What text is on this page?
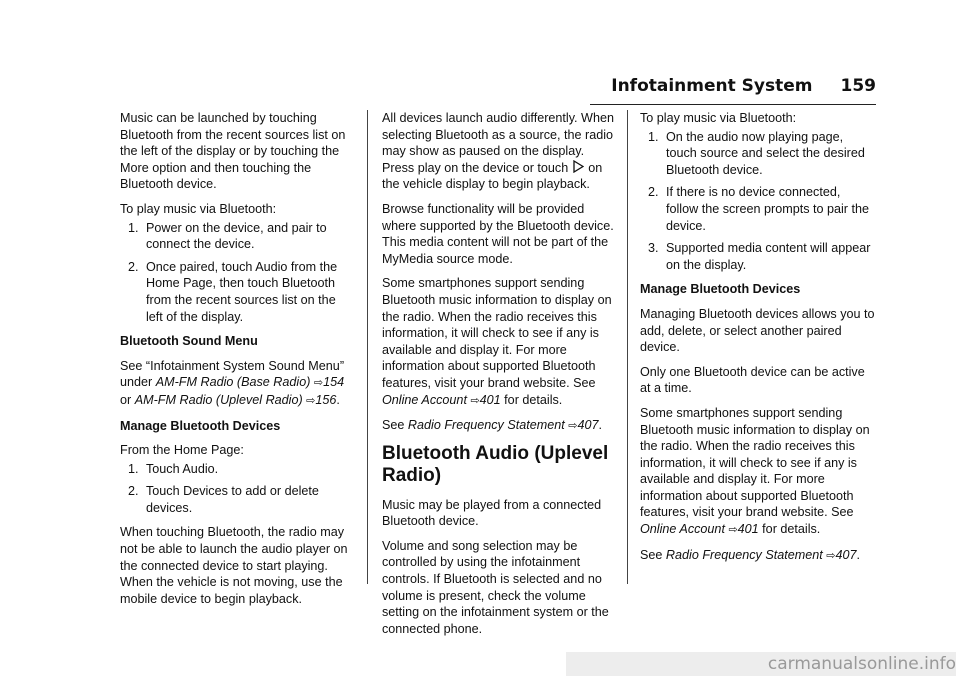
Infotainment System 159

Music can be launched by touching Bluetooth from the recent sources list on the left of the display or by touching the More option and then touching the Bluetooth device.

To play music via Bluetooth:

1. Power on the device, and pair to connect the device.
2. Once paired, touch Audio from the Home Page, then touch Bluetooth from the recent sources list on the left of the display.

Bluetooth Sound Menu

See “Infotainment System Sound Menu” under AM-FM Radio (Base Radio) ⇨154 or AM-FM Radio (Uplevel Radio) ⇨156.

Manage Bluetooth Devices

From the Home Page:

1. Touch Audio.
2. Touch Devices to add or delete devices.

When touching Bluetooth, the radio may not be able to launch the audio player on the connected device to start playing. When the vehicle is not moving, use the mobile device to begin playback.

All devices launch audio differently. When selecting Bluetooth as a source, the radio may show as paused on the display. Press play on the device or touch  on the vehicle display to begin playback.

Browse functionality will be provided where supported by the Bluetooth device. This media content will not be part of the MyMedia source mode.

Some smartphones support sending Bluetooth music information to display on the radio. When the radio receives this information, it will check to see if any is available and display it. For more information about supported Bluetooth features, visit your brand website. See Online Account ⇨401 for details.

See Radio Frequency Statement ⇨407.

Bluetooth Audio (Uplevel Radio)

Music may be played from a connected Bluetooth device.

Volume and song selection may be controlled by using the infotainment controls. If Bluetooth is selected and no volume is present, check the volume setting on the infotainment system or the connected phone.

To play music via Bluetooth:

1. On the audio now playing page, touch source and select the desired Bluetooth device.
2. If there is no device connected, follow the screen prompts to pair the device.
3. Supported media content will appear on the display.

Manage Bluetooth Devices

Managing Bluetooth devices allows you to add, delete, or select another paired device.

Only one Bluetooth device can be active at a time.

Some smartphones support sending Bluetooth music information to display on the radio. When the radio receives this information, it will check to see if any is available and display it. For more information about supported Bluetooth features, visit your brand website. See Online Account ⇨401 for details.

See Radio Frequency Statement ⇨407.

carmanualsonline.info
